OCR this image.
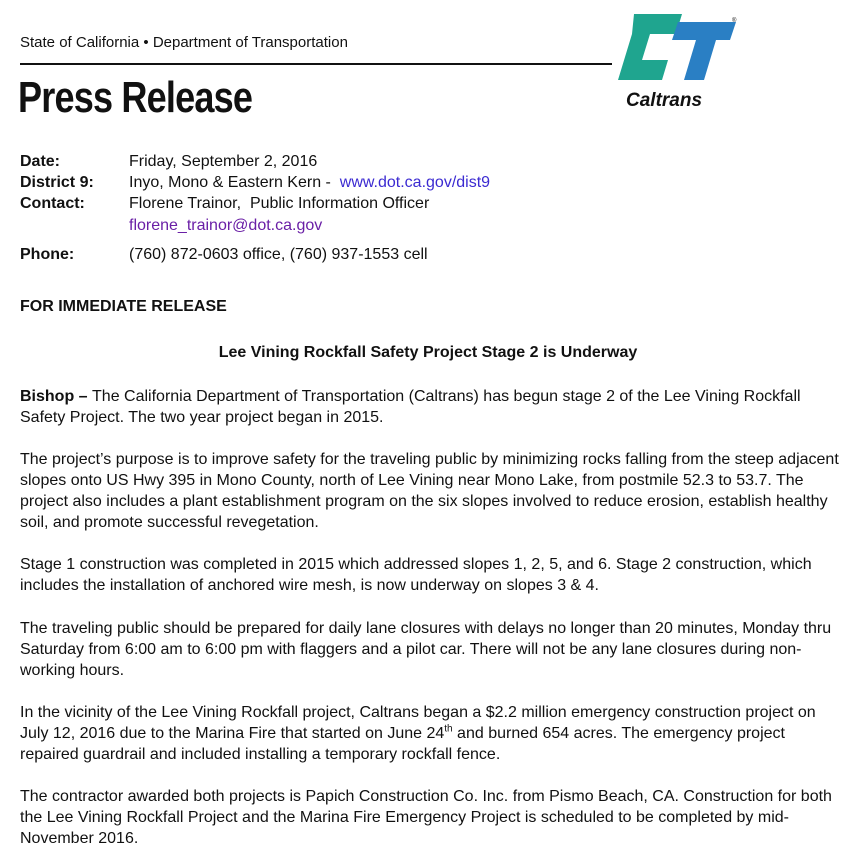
State of California • Department of Transportation
Press Release
®
Caltrans
Date:	Friday, September 2, 2016
District 9:	Inyo, Mono & Eastern Kern - www.dot.ca.gov/dist9
Contact:	Florene Trainor,  Public Information Officer
florene_trainor@dot.ca.gov
Phone:	(760) 872-0603 office, (760) 937-1553 cell
FOR IMMEDIATE RELEASE
Lee Vining Rockfall Safety Project Stage 2 is Underway
Bishop – The California Department of Transportation (Caltrans) has begun stage 2 of the Lee Vining Rockfall Safety Project. The two year project began in 2015.
The project’s purpose is to improve safety for the traveling public by minimizing rocks falling from the steep adjacent slopes onto US Hwy 395 in Mono County, north of Lee Vining near Mono Lake, from postmile 52.3 to 53.7. The project also includes a plant establishment program on the six slopes involved to reduce erosion, establish healthy soil, and promote successful revegetation.
Stage 1 construction was completed in 2015 which addressed slopes 1, 2, 5, and 6. Stage 2 construction, which includes the installation of anchored wire mesh, is now underway on slopes 3 & 4.
The traveling public should be prepared for daily lane closures with delays no longer than 20 minutes, Monday thru Saturday from 6:00 am to 6:00 pm with flaggers and a pilot car. There will not be any lane closures during non-working hours.
In the vicinity of the Lee Vining Rockfall project, Caltrans began a $2.2 million emergency construction project on July 12, 2016 due to the Marina Fire that started on June 24th and burned 654 acres. The emergency project repaired guardrail and included installing a temporary rockfall fence.
The contractor awarded both projects is Papich Construction Co. Inc. from Pismo Beach, CA. Construction for both the Lee Vining Rockfall Project and the Marina Fire Emergency Project is scheduled to be completed by mid-November 2016.
